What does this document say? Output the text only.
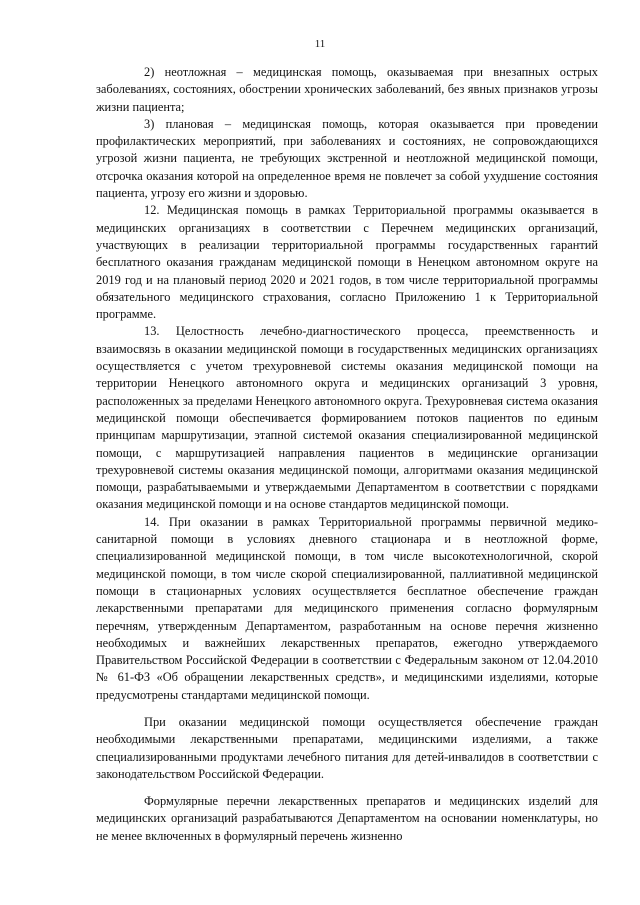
11

2) неотложная – медицинская помощь, оказываемая при внезапных острых заболеваниях, состояниях, обострении хронических заболеваний, без явных признаков угрозы жизни пациента;

3) плановая – медицинская помощь, которая оказывается при проведении профилактических мероприятий, при заболеваниях и состояниях, не сопровождающихся угрозой жизни пациента, не требующих экстренной и неотложной медицинской помощи, отсрочка оказания которой на определенное время не повлечет за собой ухудшение состояния пациента, угрозу его жизни и здоровью.

12. Медицинская помощь в рамках Территориальной программы оказывается в медицинских организациях в соответствии с Перечнем медицинских организаций, участвующих в реализации территориальной программы государственных гарантий бесплатного оказания гражданам медицинской помощи в Ненецком автономном округе на 2019 год и на плановый период 2020 и 2021 годов, в том числе территориальной программы обязательного медицинского страхования, согласно Приложению 1 к Территориальной программе.

13. Целостность лечебно-диагностического процесса, преемственность и взаимосвязь в оказании медицинской помощи в государственных медицинских организациях осуществляется с учетом трехуровневой системы оказания медицинской помощи на территории Ненецкого автономного округа и медицинских организаций 3 уровня, расположенных за пределами Ненецкого автономного округа. Трехуровневая система оказания медицинской помощи обеспечивается формированием потоков пациентов по единым принципам маршрутизации, этапной системой оказания специализированной медицинской помощи, с маршрутизацией направления пациентов в медицинские организации трехуровневой системы оказания медицинской помощи, алгоритмами оказания медицинской помощи, разрабатываемыми и утверждаемыми Департаментом в соответствии с порядками оказания медицинской помощи и на основе стандартов медицинской помощи.

14. При оказании в рамках Территориальной программы первичной медико-санитарной помощи в условиях дневного стационара и в неотложной форме, специализированной медицинской помощи, в том числе высокотехнологичной, скорой медицинской помощи, в том числе скорой специализированной, паллиативной медицинской помощи в стационарных условиях осуществляется бесплатное обеспечение граждан лекарственными препаратами для медицинского применения согласно формулярным перечням, утвержденным Департаментом, разработанным на основе перечня жизненно необходимых и важнейших лекарственных препаратов, ежегодно утверждаемого Правительством Российской Федерации в соответствии с Федеральным законом от 12.04.2010 № 61-ФЗ «Об обращении лекарственных средств», и медицинскими изделиями, которые предусмотрены стандартами медицинской помощи.

При оказании медицинской помощи осуществляется обеспечение граждан необходимыми лекарственными препаратами, медицинскими изделиями, а также специализированными продуктами лечебного питания для детей-инвалидов в соответствии с законодательством Российской Федерации.

Формулярные перечни лекарственных препаратов и медицинских изделий для медицинских организаций разрабатываются Департаментом на основании номенклатуры, но не менее включенных в формулярный перечень жизненно
